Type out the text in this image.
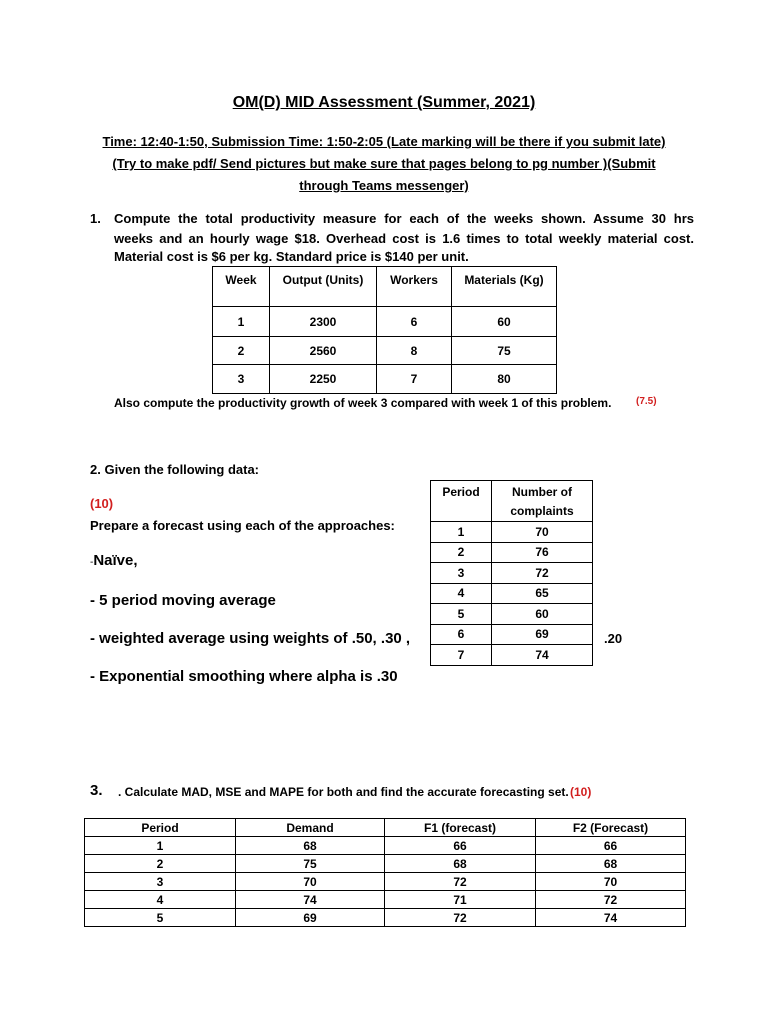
OM(D) MID Assessment (Summer, 2021)
Time: 12:40-1:50, Submission Time: 1:50-2:05 (Late marking will be there if you submit late)
(Try to make pdf/ Send pictures but make sure that pages belong to pg number )(Submit
through Teams messenger)
1. Compute the total productivity measure for each of the weeks shown. Assume 30 hrs
weeks and an hourly wage $18. Overhead cost is 1.6 times to total weekly material cost.
Material cost is $6 per kg. Standard price is $140 per unit.
Week	Output (Units)	Workers	Materials (Kg)
1	2300	6	60
2	2560	8	75
3	2250	7	80
Also compute the productivity growth of week 3 compared with week 1 of this problem. (7.5)
2. Given the following data:
(10)
Prepare a forecast using each of the approaches:
-Naïve,
- 5 period moving average
- weighted average using weights of .50, .30 ,
- Exponential smoothing where alpha is .30
.20
Period	Number of complaints
1	70
2	76
3	72
4	65
5	60
6	69
7	74
3. . Calculate MAD, MSE and MAPE for both and find the accurate forecasting set. (10)
Period	Demand	F1 (forecast)	F2 (Forecast)
1	68	66	66
2	75	68	68
3	70	72	70
4	74	71	72
5	69	72	74
